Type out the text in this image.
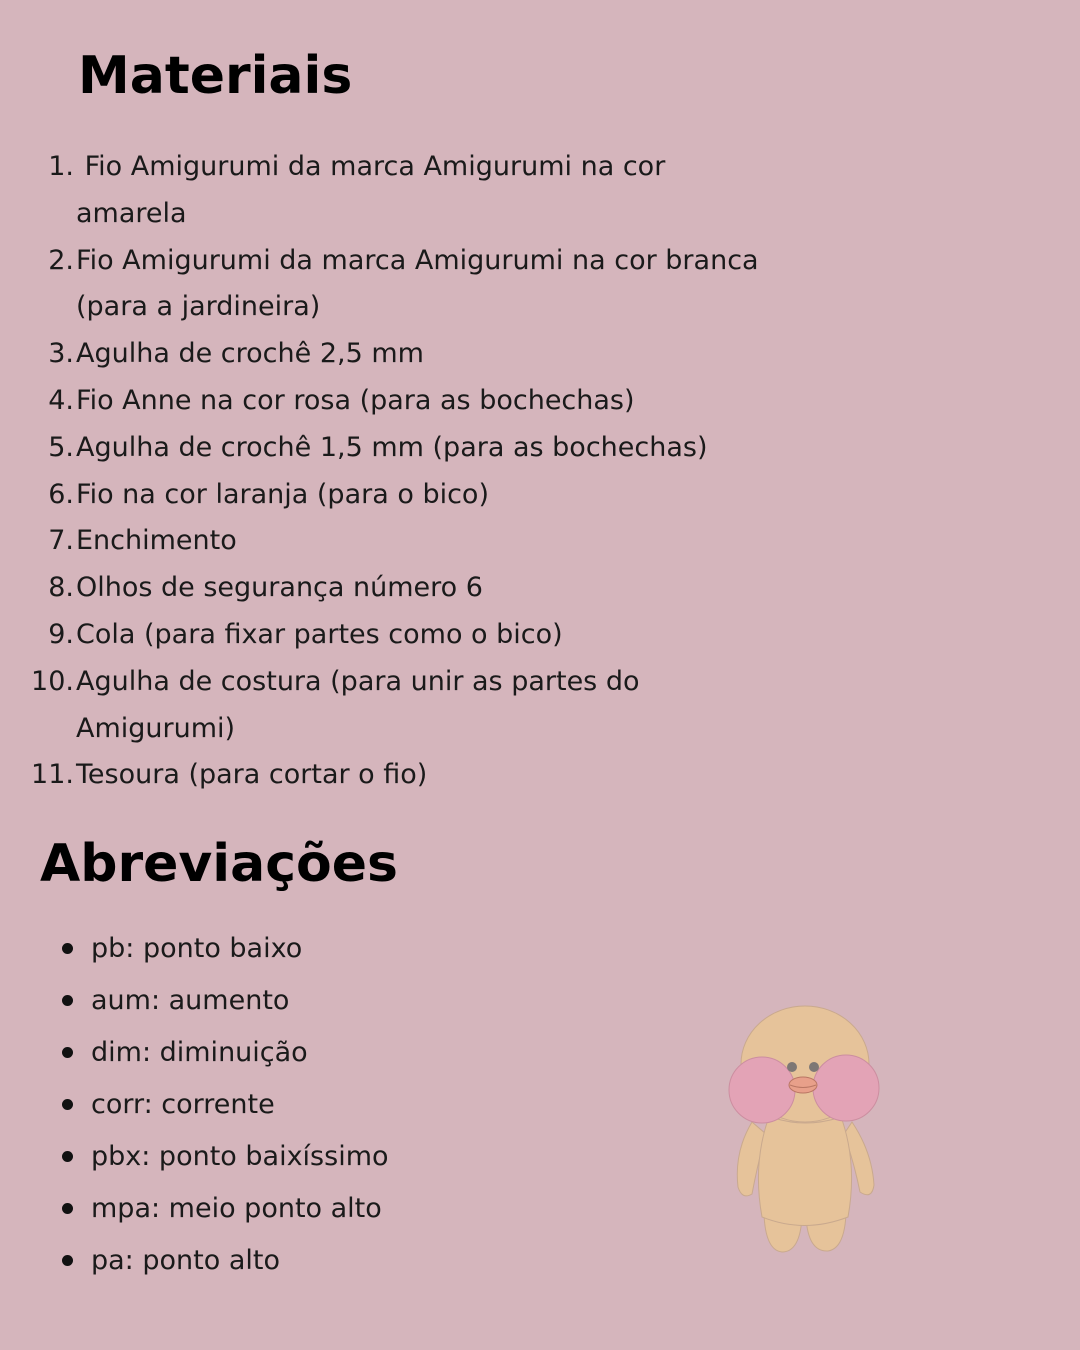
Materiais
1. Fio Amigurumi da marca Amigurumi na cor
amarela
2. Fio Amigurumi da marca Amigurumi na cor branca
(para a jardineira)
3. Agulha de crochê 2,5 mm
4. Fio Anne na cor rosa (para as bochechas)
5. Agulha de crochê 1,5 mm (para as bochechas)
6. Fio na cor laranja (para o bico)
7. Enchimento
8. Olhos de segurança número 6
9. Cola (para fixar partes como o bico)
10. Agulha de costura (para unir as partes do
Amigurumi)
11. Tesoura (para cortar o fio)
Abreviações
pb: ponto baixo
aum: aumento
dim: diminuição
corr: corrente
pbx: ponto baixíssimo
mpa: meio ponto alto
pa: ponto alto
